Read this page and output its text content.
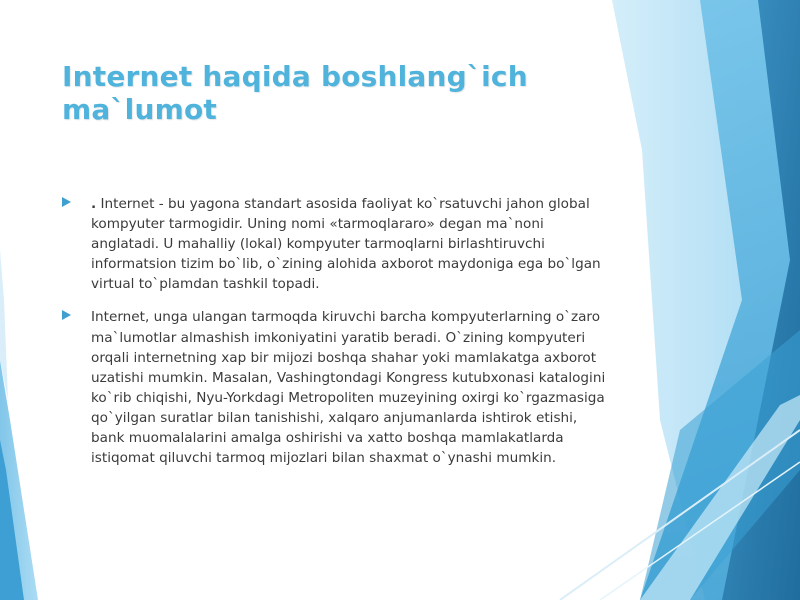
Internet haqida boshlang`ich ma`lumot
. Internet - bu yagona standart asosida faoliyat ko`rsatuvchi jahon global kompyuter tarmogidir. Uning nomi «tarmoqlararo» degan ma`noni anglatadi. U mahalliy (lokal) kompyuter tarmoqlarni birlashtiruvchi informatsion tizim bo`lib, o`zining alohida axborot maydoniga ega bo`lgan virtual to`plamdan tashkil topadi.
Internet, unga ulangan tarmoqda kiruvchi barcha kompyuterlarning o`zaro ma`lumotlar almashish imkoniyatini yaratib beradi. O`zining kompyuteri orqali internetning xap bir mijozi boshqa shahar yoki mamlakatga axborot uzatishi mumkin. Masalan, Vashingtondagi Kongress kutubxonasi katalogini ko`rib chiqishi, Nyu-Yorkdagi Metropoliten muzeyining oxirgi ko`rgazmasiga qo`yilgan suratlar bilan tanishishi, xalqaro anjumanlarda ishtirok etishi, bank muomalalarini amalga oshirishi va xatto boshqa mamlakatlarda istiqomat qiluvchi tarmoq mijozlari bilan shaxmat o`ynashi mumkin.
